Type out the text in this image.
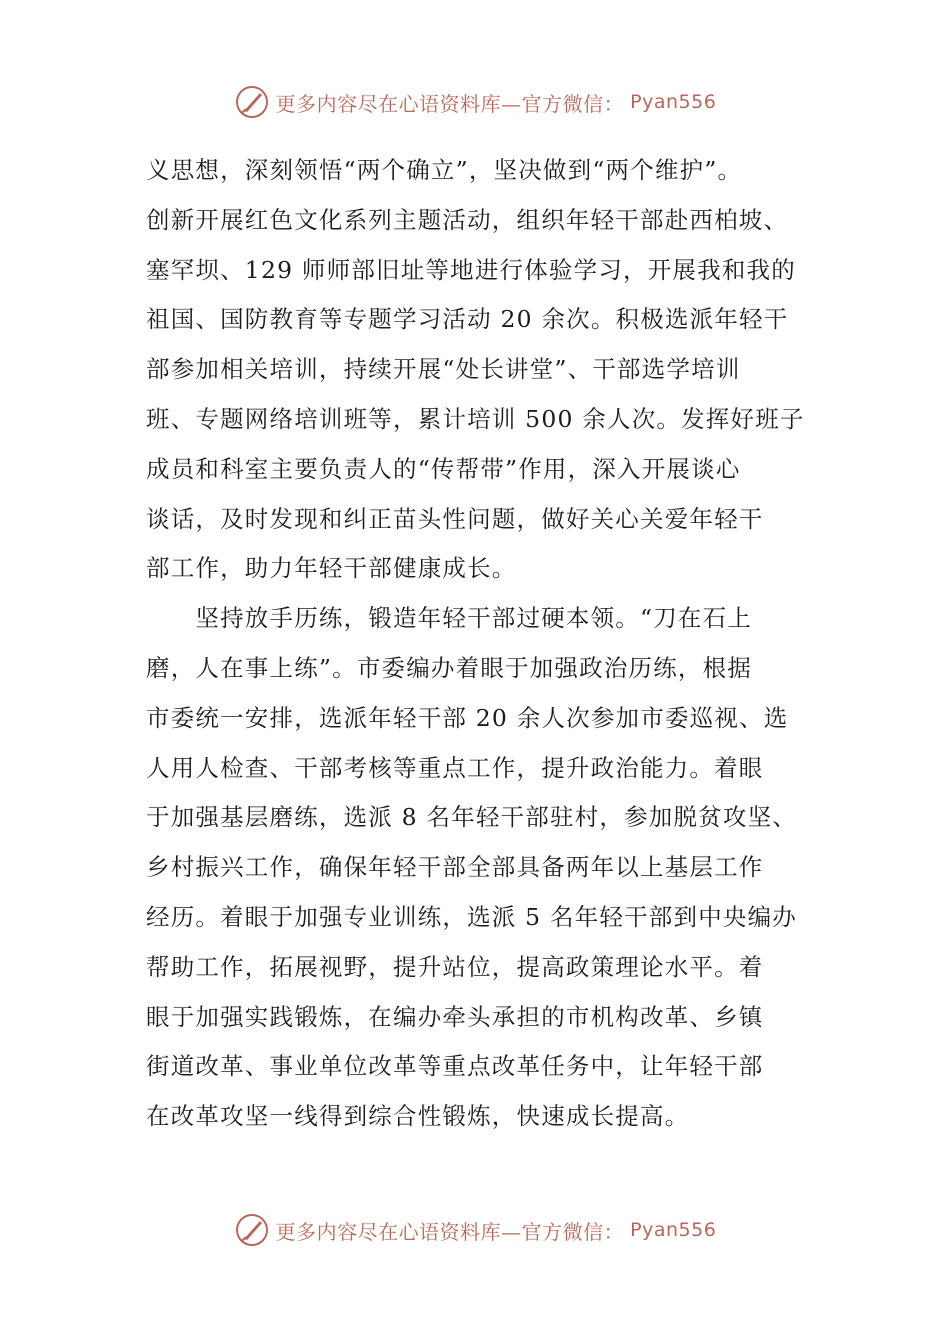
更多内容尽在心语资料库—官方微信： Pyan556
义思想，深刻领悟“两个确立”，坚决做到“两个维护”。
创新开展红色文化系列主题活动，组织年轻干部赴西柏坡、
塞罕坝、129 师师部旧址等地进行体验学习，开展我和我的
祖国、国防教育等专题学习活动 20 余次。积极选派年轻干
部参加相关培训，持续开展“处长讲堂”、干部选学培训
班、专题网络培训班等，累计培训 500 余人次。发挥好班子
成员和科室主要负责人的“传帮带”作用，深入开展谈心
谈话，及时发现和纠正苗头性问题，做好关心关爱年轻干
部工作，助力年轻干部健康成长。
　　坚持放手历练，锻造年轻干部过硬本领。“刀在石上
磨，人在事上练”。市委编办着眼于加强政治历练，根据
市委统一安排，选派年轻干部 20 余人次参加市委巡视、选
人用人检查、干部考核等重点工作，提升政治能力。着眼
于加强基层磨练，选派 8 名年轻干部驻村，参加脱贫攻坚、
乡村振兴工作，确保年轻干部全部具备两年以上基层工作
经历。着眼于加强专业训练，选派 5 名年轻干部到中央编办
帮助工作，拓展视野，提升站位，提高政策理论水平。着
眼于加强实践锻炼，在编办牵头承担的市机构改革、乡镇
街道改革、事业单位改革等重点改革任务中，让年轻干部
在改革攻坚一线得到综合性锻炼，快速成长提高。
更多内容尽在心语资料库—官方微信： Pyan556
